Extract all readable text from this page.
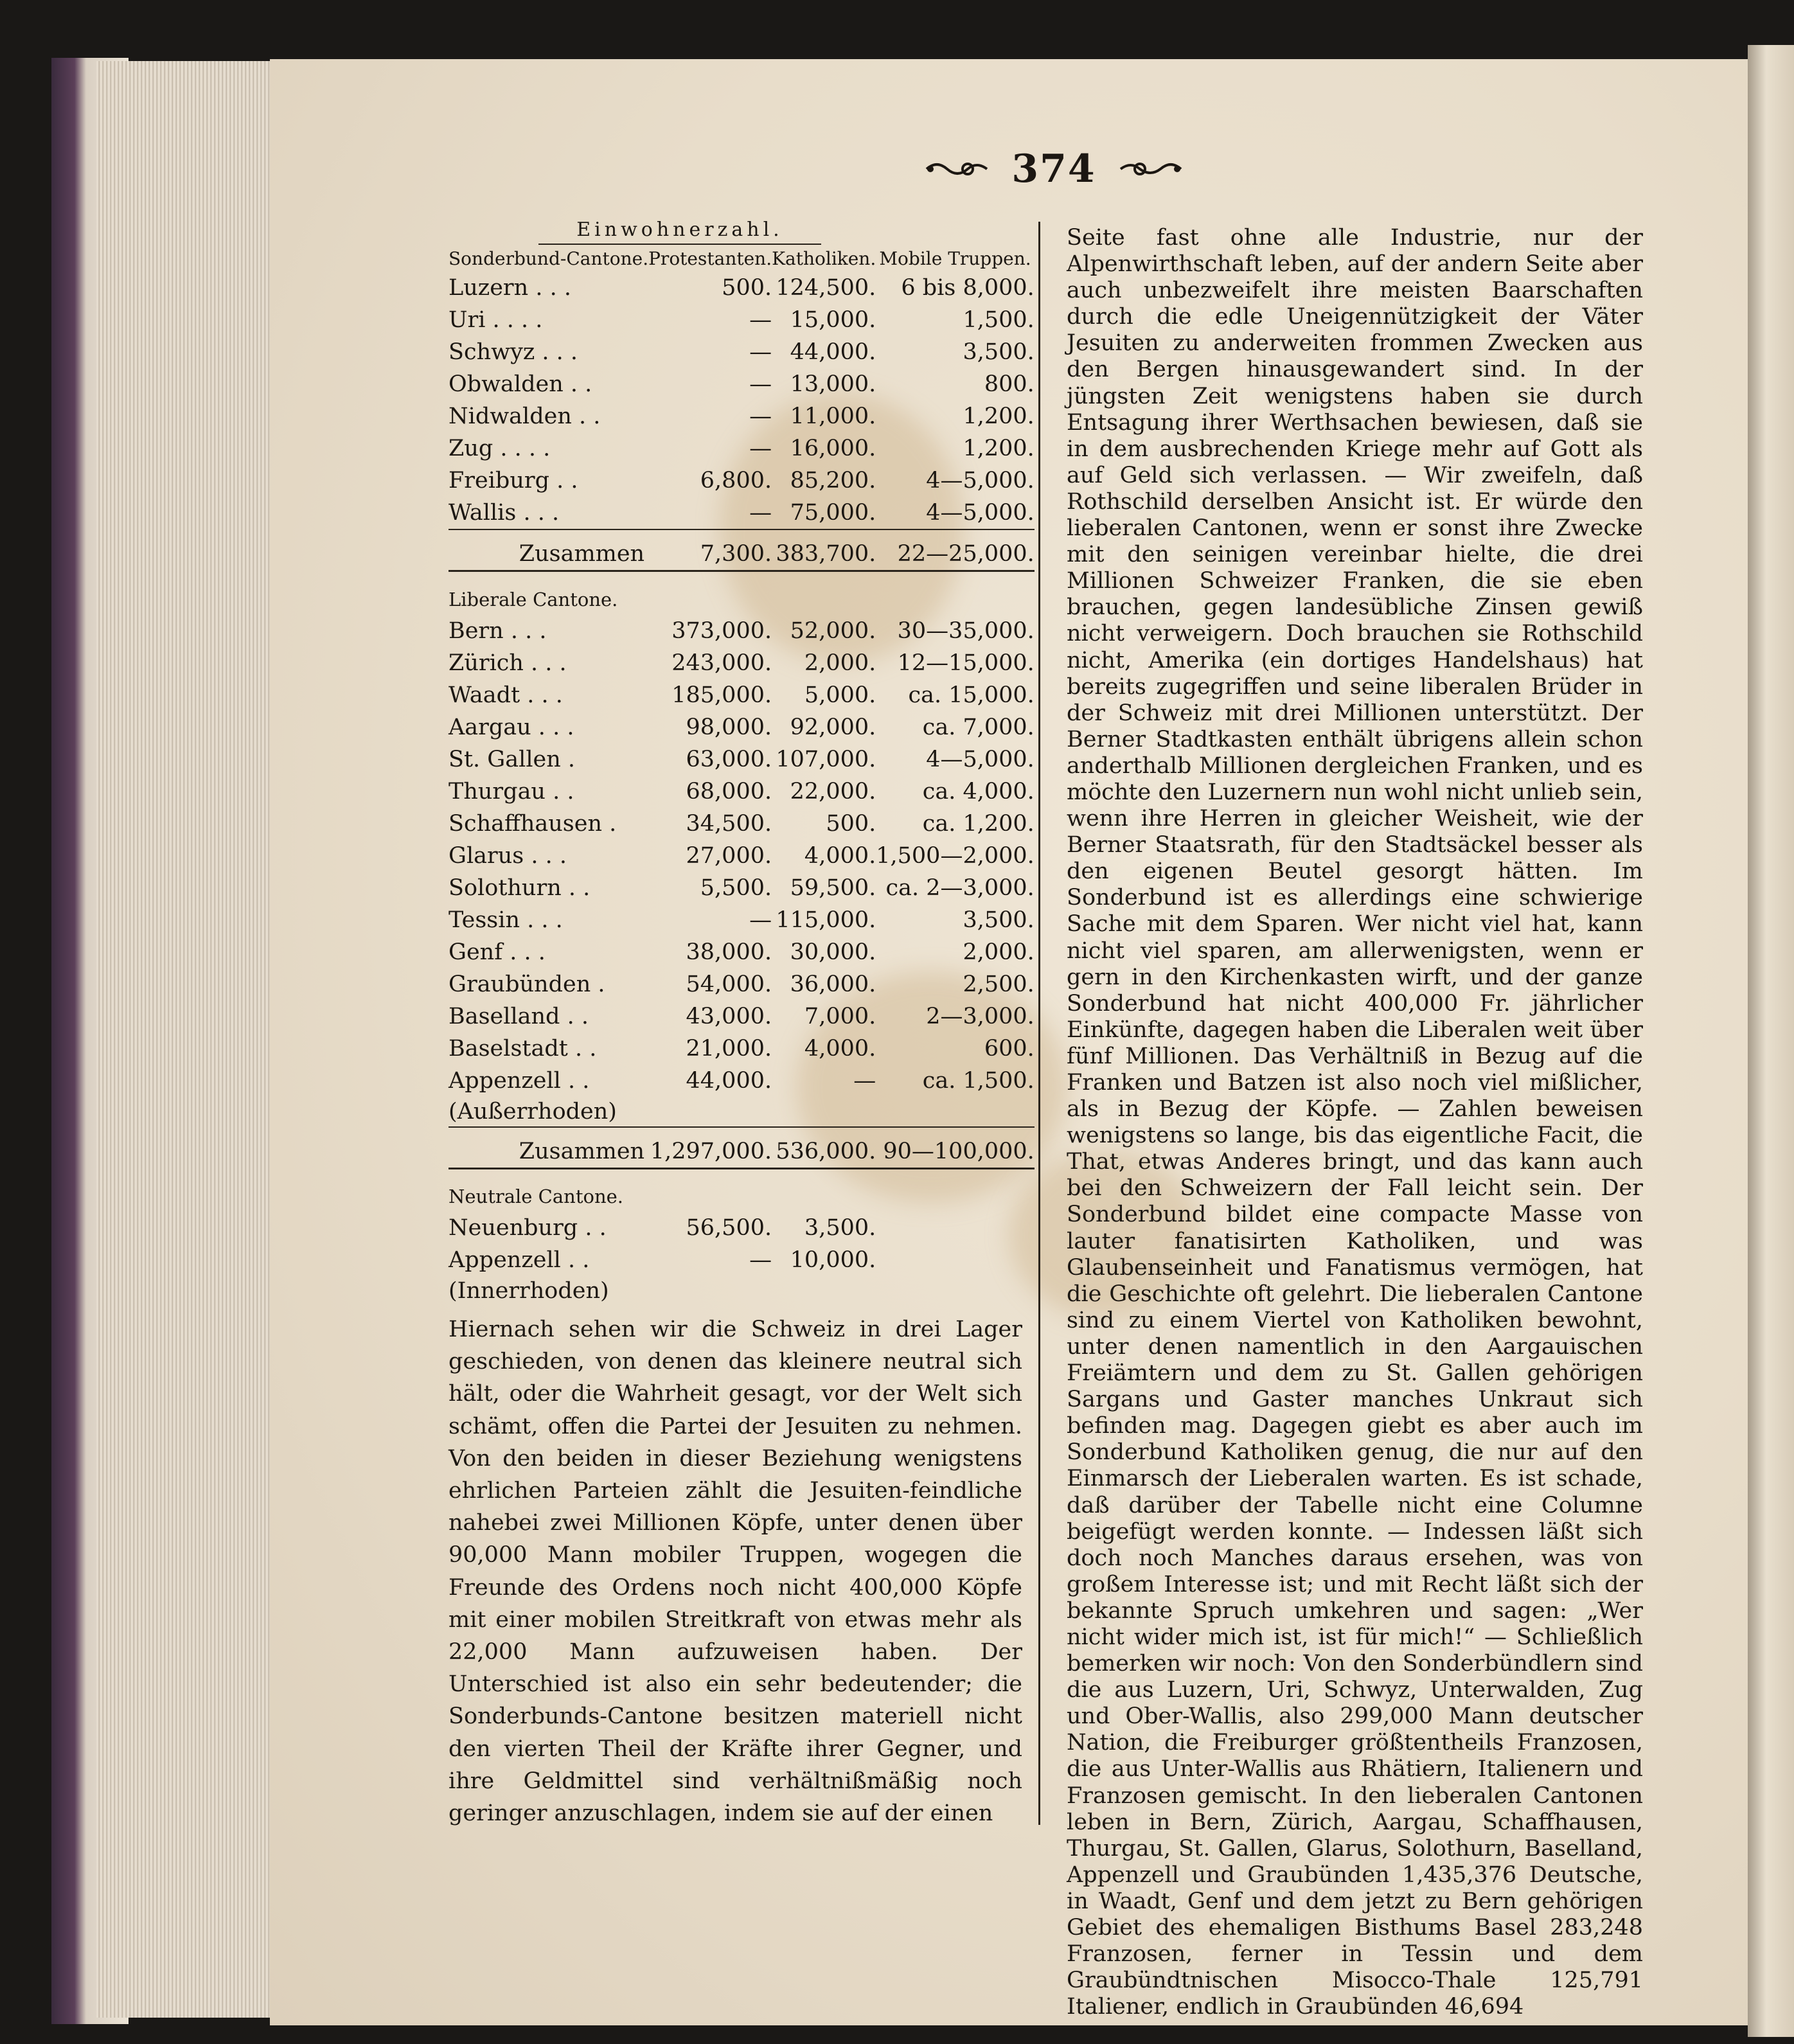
374
Einwohnerzahl.
Sonderbund-Cantone.	Protestanten.	Katholiken.	Mobile Truppen.
Luzern . . .	500.	124,500.	6 bis 8,000.
Uri . . . .	—	15,000.	1,500.
Schwyz . . .	—	44,000.	3,500.
Obwalden . .	—	13,000.	800.
Nidwalden . .	—	11,000.	1,200.
Zug . . . .	—	16,000.	1,200.
Freiburg . .	6,800.	85,200.	4—5,000.
Wallis . . .	—	75,000.	4—5,000.
Zusammen	7,300.	383,700.	22—25,000.

Liberale Cantone.			
Bern . . .	373,000.	52,000.	30—35,000.
Zürich . . .	243,000.	2,000.	12—15,000.
Waadt . . .	185,000.	5,000.	ca. 15,000.
Aargau . . .	98,000.	92,000.	ca. 7,000.
St. Gallen .	63,000.	107,000.	4—5,000.
Thurgau . .	68,000.	22,000.	ca. 4,000.
Schaffhausen .	34,500.	500.	ca. 1,200.
Glarus . . .	27,000.	4,000.	1,500—2,000.
Solothurn . .	5,500.	59,500.	ca. 2—3,000.
Tessin . . .	—	115,000.	3,500.
Genf . . .	38,000.	30,000.	2,000.
Graubünden .	54,000.	36,000.	2,500.
Baselland . .	43,000.	7,000.	2—3,000.
Baselstadt . .	21,000.	4,000.	600.
Appenzell . .	44,000.	—	ca. 1,500.
(Außerrhoden)			
Zusammen	1,297,000.	536,000.	90—100,000.

Neutrale Cantone.			
Neuenburg . .	56,500.	3,500.	
Appenzell . .	—	10,000.	
(Innerrhoden)			

Hiernach sehen wir die Schweiz in drei Lager geschieden, von denen das kleinere neutral sich hält, oder die Wahrheit gesagt, vor der Welt sich schämt, offen die Partei der Jesuiten zu nehmen. Von den beiden in dieser Beziehung wenigstens ehrlichen Parteien zählt die Jesuiten-feindliche nahebei zwei Millionen Köpfe, unter denen über 90,000 Mann mobiler Truppen, wogegen die Freunde des Ordens noch nicht 400,000 Köpfe mit einer mobilen Streitkraft von etwas mehr als 22,000 Mann aufzuweisen haben. Der Unterschied ist also ein sehr bedeutender; die Sonderbunds-Cantone besitzen materiell nicht den vierten Theil der Kräfte ihrer Gegner, und ihre Geldmittel sind verhältnißmäßig noch geringer anzuschlagen, indem sie auf der einen

Seite fast ohne alle Industrie, nur der Alpenwirthschaft leben, auf der andern Seite aber auch unbezweifelt ihre meisten Baarschaften durch die edle Uneigennützigkeit der Väter Jesuiten zu anderweiten frommen Zwecken aus den Bergen hinausgewandert sind. In der jüngsten Zeit wenigstens haben sie durch Entsagung ihrer Werthsachen bewiesen, daß sie in dem ausbrechenden Kriege mehr auf Gott als auf Geld sich verlassen. — Wir zweifeln, daß Rothschild derselben Ansicht ist. Er würde den lieberalen Cantonen, wenn er sonst ihre Zwecke mit den seinigen vereinbar hielte, die drei Millionen Schweizer Franken, die sie eben brauchen, gegen landesübliche Zinsen gewiß nicht verweigern. Doch brauchen sie Rothschild nicht, Amerika (ein dortiges Handelshaus) hat bereits zugegriffen und seine liberalen Brüder in der Schweiz mit drei Millionen unterstützt. Der Berner Stadtkasten enthält übrigens allein schon anderthalb Millionen dergleichen Franken, und es möchte den Luzernern nun wohl nicht unlieb sein, wenn ihre Herren in gleicher Weisheit, wie der Berner Staatsrath, für den Stadtsäckel besser als den eigenen Beutel gesorgt hätten. Im Sonderbund ist es allerdings eine schwierige Sache mit dem Sparen. Wer nicht viel hat, kann nicht viel sparen, am allerwenigsten, wenn er gern in den Kirchenkasten wirft, und der ganze Sonderbund hat nicht 400,000 Fr. jährlicher Einkünfte, dagegen haben die Liberalen weit über fünf Millionen. Das Verhältniß in Bezug auf die Franken und Batzen ist also noch viel mißlicher, als in Bezug der Köpfe. — Zahlen beweisen wenigstens so lange, bis das eigentliche Facit, die That, etwas Anderes bringt, und das kann auch bei den Schweizern der Fall leicht sein. Der Sonderbund bildet eine compacte Masse von lauter fanatisirten Katholiken, und was Glaubenseinheit und Fanatismus vermögen, hat die Geschichte oft gelehrt. Die lieberalen Cantone sind zu einem Viertel von Katholiken bewohnt, unter denen namentlich in den Aargauischen Freiämtern und dem zu St. Gallen gehörigen Sargans und Gaster manches Unkraut sich befinden mag. Dagegen giebt es aber auch im Sonderbund Katholiken genug, die nur auf den Einmarsch der Lieberalen warten. Es ist schade, daß darüber der Tabelle nicht eine Columne beigefügt werden konnte. — Indessen läßt sich doch noch Manches daraus ersehen, was von großem Interesse ist; und mit Recht läßt sich der bekannte Spruch umkehren und sagen: „Wer nicht wider mich ist, ist für mich!“ — Schließlich bemerken wir noch: Von den Sonderbündlern sind die aus Luzern, Uri, Schwyz, Unterwalden, Zug und Ober-Wallis, also 299,000 Mann deutscher Nation, die Freiburger größtentheils Franzosen, die aus Unter-Wallis aus Rhätiern, Italienern und Franzosen gemischt. In den lieberalen Cantonen leben in Bern, Zürich, Aargau, Schaffhausen, Thurgau, St. Gallen, Glarus, Solothurn, Baselland, Appenzell und Graubünden 1,435,376 Deutsche, in Waadt, Genf und dem jetzt zu Bern gehörigen Gebiet des ehemaligen Bisthums Basel 283,248 Franzosen, ferner in Tessin und dem Graubündtnischen Misocco-Thale 125,791 Italiener, endlich in Graubünden 46,694
